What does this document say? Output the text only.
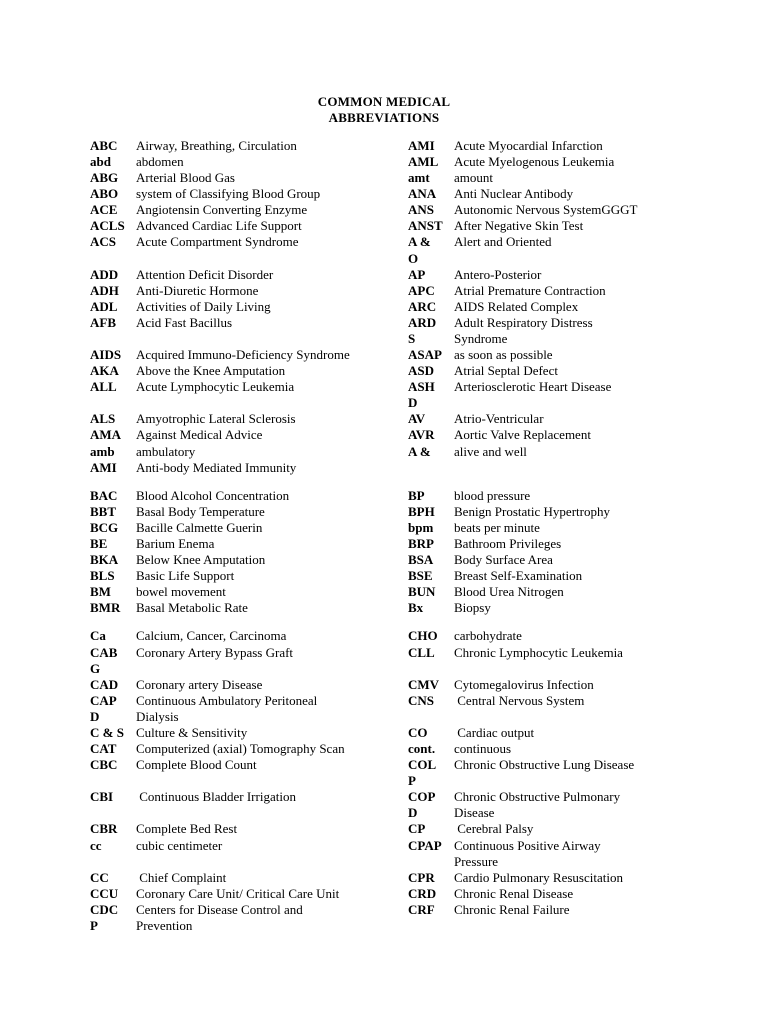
COMMON MEDICAL
ABBREVIATIONS
ABC Airway, Breathing, Circulation
abd abdomen
ABG Arterial Blood Gas
ABO system of Classifying Blood Group
ACE Angiotensin Converting Enzyme
ACLS Advanced Cardiac Life Support
ACS Acute Compartment Syndrome
ADD Attention Deficit Disorder
ADH Anti-Diuretic Hormone
ADL Activities of Daily Living
AFB Acid Fast Bacillus
AIDS Acquired Immuno-Deficiency Syndrome
AKA Above the Knee Amputation
ALL Acute Lymphocytic Leukemia
ALS Amyotrophic Lateral Sclerosis
AMA Against Medical Advice
amb ambulatory
AMI Anti-body Mediated Immunity
BAC Blood Alcohol Concentration
BBT Basal Body Temperature
BCG Bacille Calmette Guerin
BE Barium Enema
BKA Below Knee Amputation
BLS Basic Life Support
BM bowel movement
BMR Basal Metabolic Rate
Ca Calcium, Cancer, Carcinoma
CAB Coronary Artery Bypass Graft
G
CAD Coronary artery Disease
CAP Continuous Ambulatory Peritoneal
D	Dialysis
C & S Culture & Sensitivity
CAT Computerized (axial) Tomography Scan
CBC Complete Blood Count
CBI Continuous Bladder Irrigation
CBR Complete Bed Rest
cc	cubic centimeter
CC Chief Complaint
CCU Coronary Care Unit/ Critical Care Unit
CDC Centers for Disease Control and
P	Prevention
AMI Acute Myocardial Infarction
AML Acute Myelogenous Leukemia
amt amount
ANA Anti Nuclear Antibody
ANS Autonomic Nervous SystemGGGT
ANST After Negative Skin Test
A & Alert and Oriented
O
AP Antero-Posterior
APC Atrial Premature Contraction
ARC AIDS Related Complex
ARD Adult Respiratory Distress
S	Syndrome
ASAP as soon as possible
ASD Atrial Septal Defect
ASH Arteriosclerotic Heart Disease
D
AV Atrio-Ventricular
AVR Aortic Valve Replacement
A & alive and well
BP blood pressure
BPH Benign Prostatic Hypertrophy
bpm beats per minute
BRP Bathroom Privileges
BSA Body Surface Area
BSE Breast Self-Examination
BUN Blood Urea Nitrogen
Bx Biopsy
CHO carbohydrate
CLL Chronic Lymphocytic Leukemia
CMV Cytomegalovirus Infection
CNS Central Nervous System
CO Cardiac output
cont. continuous
COL Chronic Obstructive Lung Disease
P
COP Chronic Obstructive Pulmonary
D	Disease
CP Cerebral Palsy
CPAP Continuous Positive Airway
Pressure
CPR Cardio Pulmonary Resuscitation
CRD Chronic Renal Disease
CRF Chronic Renal Failure
